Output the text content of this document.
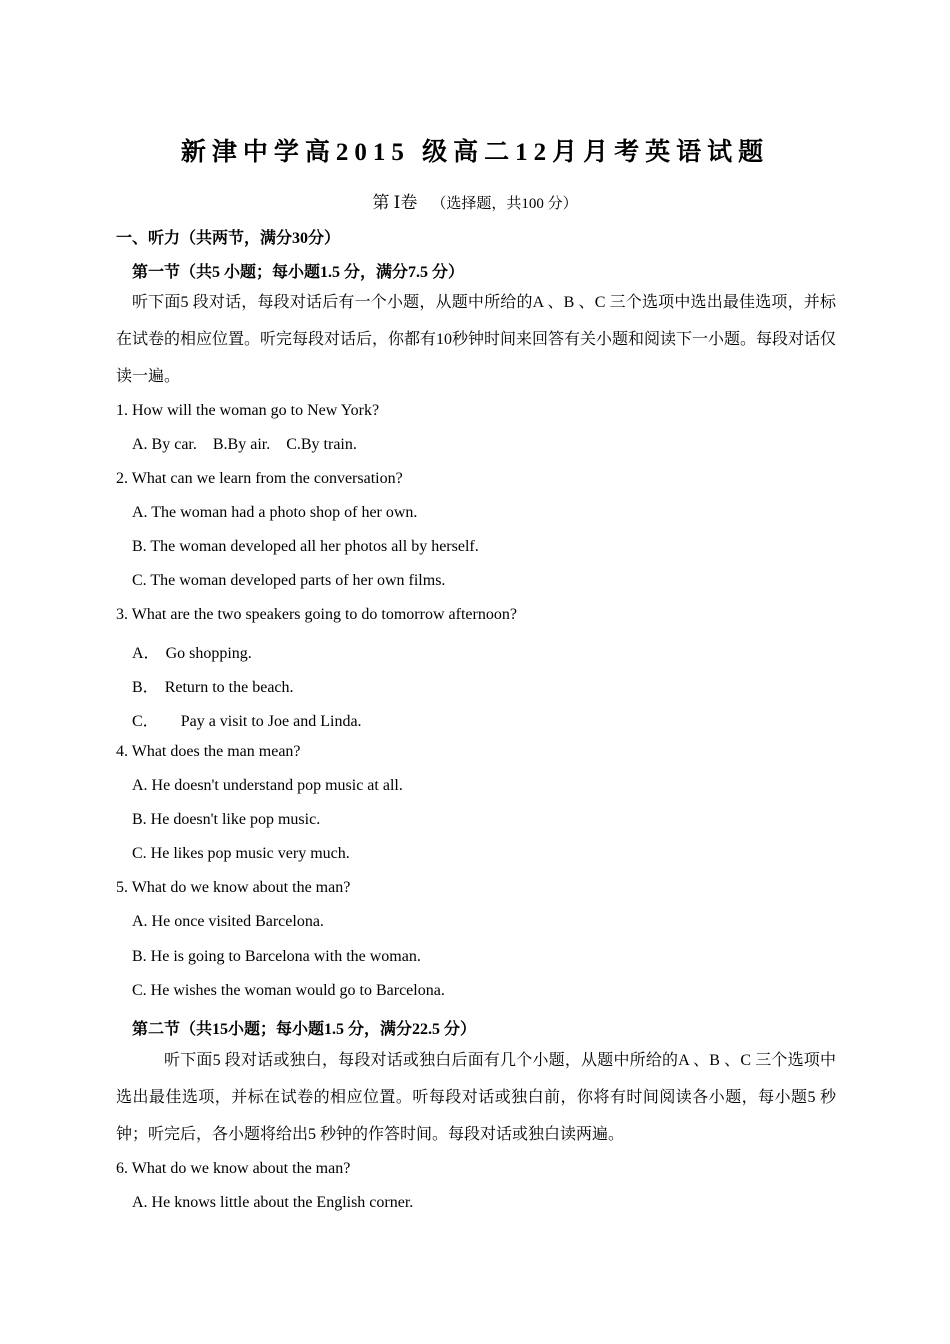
新津中学高2015 级高二12月月考英语试题
第 Ⅰ卷 （选择题，共100 分）
一、听力（共两节，满分30分）
第一节（共5 小题；每小题1.5 分，满分7.5 分）
听下面5 段对话，每段对话后有一个小题，从题中所给的A 、B 、C 三个选项中选出最佳选项，并标在试卷的相应位置。听完每段对话后，你都有10秒钟时间来回答有关小题和阅读下一小题。每段对话仅读一遍。
1. How will the woman go to New York?
A. By car.    B.By air.    C.By train.
2. What can we learn from the conversation?
A. The woman had a photo shop of her own.
B. The woman developed all her photos all by herself.
C. The woman developed parts of her own films.
3. What are the two speakers going to do tomorrow afternoon?
A． Go shopping.
B． Return to the beach.
C． Pay a visit to Joe and Linda.
4. What does the man mean?
A. He doesn't understand pop music at all.
B. He doesn't like pop music.
C. He likes pop music very much.
5. What do we know about the man?
A. He once visited Barcelona.
B. He is going to Barcelona with the woman.
C. He wishes the woman would go to Barcelona.
第二节（共15小题；每小题1.5 分，满分22.5 分）
听下面5 段对话或独白，每段对话或独白后面有几个小题，从题中所给的A 、B 、C 三个选项中选出最佳选项，并标在试卷的相应位置。听每段对话或独白前，你将有时间阅读各小题，每小题5 秒钟；听完后，各小题将给出5 秒钟的作答时间。每段对话或独白读两遍。
6. What do we know about the man?
A. He knows little about the English corner.
